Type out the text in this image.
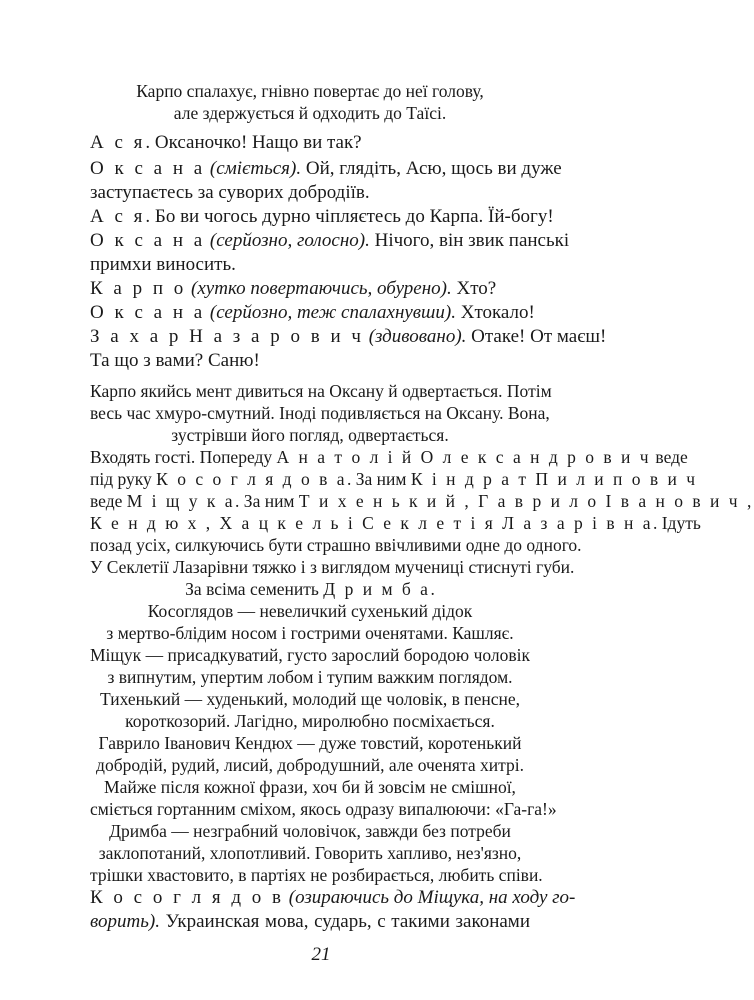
Карпо спалахує, гнівно повертає до неї голову,
але здержується й одходить до Таїсі.
А с я. Оксаночко! Нащо ви так?
О к с а н а (сміється). Ой, глядіть, Асю, щось ви дуже
заступаєтесь за суворих добродіїв.
А с я. Бо ви чогось дурно чіпляєтесь до Карпа. Їй-богу!
О к с а н а (серйозно, голосно). Нічого, він звик панські
примхи виносить.
К а р п о (хутко повертаючись, обурено). Хто?
О к с а н а (серйозно, теж спалахнувши). Хтокало!
З а х а р Н а з а р о в и ч (здивовано). Отаке! От маєш!
Та що з вами? Саню!
Карпо якийсь мент дивиться на Оксану й одвертається. Потім
весь час хмуро-смутний. Іноді подивляється на Оксану. Вона,
зустрівши його погляд, одвертається.
Входять гості. Попереду А н а т о л і й О л е к с а н д р о в и ч веде
під руку К о с о г л я д о в а. За ним К і н д р а т П и л и п о в и ч
веде М і щ у к а. За ним Т и х е н ь к и й , Г а в р и л о І в а н о в и ч ,
К е н д ю х , Х а ц к е л ь і С е к л е т і я Л а з а р і в н а. Ідуть
позад усіх, силкуючись бути страшно ввічливими одне до одного.
У Секлетії Лазарівни тяжко і з виглядом мучениці стиснуті губи.
За всіма семенить Д р и м б а.
Косоглядов — невеличкий сухенький дідок
з мертво-блідим носом і гострими оченятами. Кашляє.
Міщук — присадкуватий, густо зарослий бородою чоловік
з випнутим, упертим лобом і тупим важким поглядом.
Тихенький — худенький, молодий ще чоловік, в пенсне,
короткозорий. Лагідно, миролюбно посміхається.
Гаврило Іванович Кендюх — дуже товстий, коротенький
добродій, рудий, лисий, добродушний, але оченята хитрі.
Майже після кожної фрази, хоч би й зовсім не смішної,
сміється гортанним сміхом, якось одразу випалюючи: «Га-га!»
Дримба — незграбний чоловічок, завжди без потреби
заклопотаний, хлопотливий. Говорить хапливо, нез'язно,
трішки хвастовито, в партіях не розбирається, любить співи.
21
К о с о г л я д о в (озираючись до Міщука, на ходу го-
ворить). Украинская мова, сударь, с такими законами
